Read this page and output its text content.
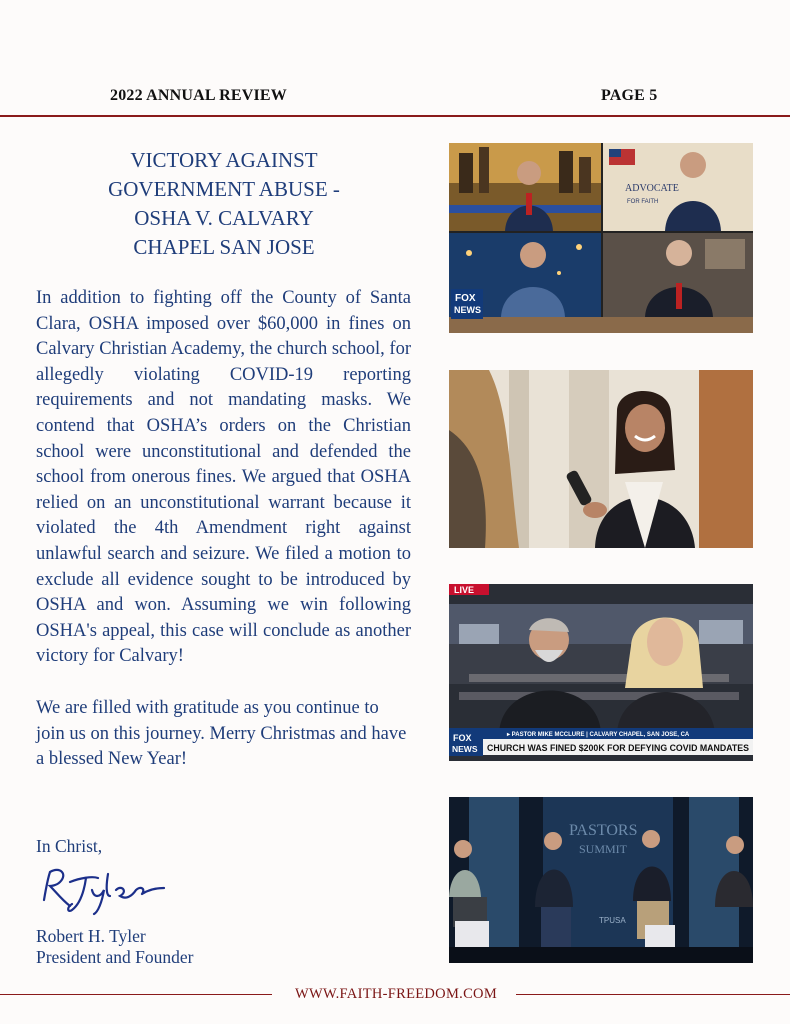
2022 ANNUAL REVIEW	PAGE 5
VICTORY AGAINST
GOVERNMENT ABUSE -
OSHA V. CALVARY
CHAPEL SAN JOSE

In addition to fighting off the County of Santa Clara, OSHA imposed over $60,000 in fines on Calvary Christian Academy, the church school, for allegedly violating COVID-19 reporting requirements and not mandating masks. We contend that OSHA’s orders on the Christian school were unconstitutional and defended the school from onerous fines. We argued that OSHA relied on an unconstitutional warrant because it violated the 4th Amendment right against unlawful search and seizure. We filed a motion to exclude all evidence sought to be introduced by OSHA and won. Assuming we win following OSHA's appeal, this case will conclude as another victory for Calvary!

We are filled with gratitude as you continue to join us on this journey. Merry Christmas and have a blessed New Year!

In Christ,
Robert H. Tyler
President and Founder
ADVOCATE
FOR FAITH
FOX
NEWS
LIVE
FOX
NEWS
▸ PASTOR MIKE MCCLURE | CALVARY CHAPEL, SAN JOSE, CA
CHURCH WAS FINED $200K FOR DEFYING COVID MANDATES
PASTORS
SUMMIT
TPUSA
WWW.FAITH-FREEDOM.COM
